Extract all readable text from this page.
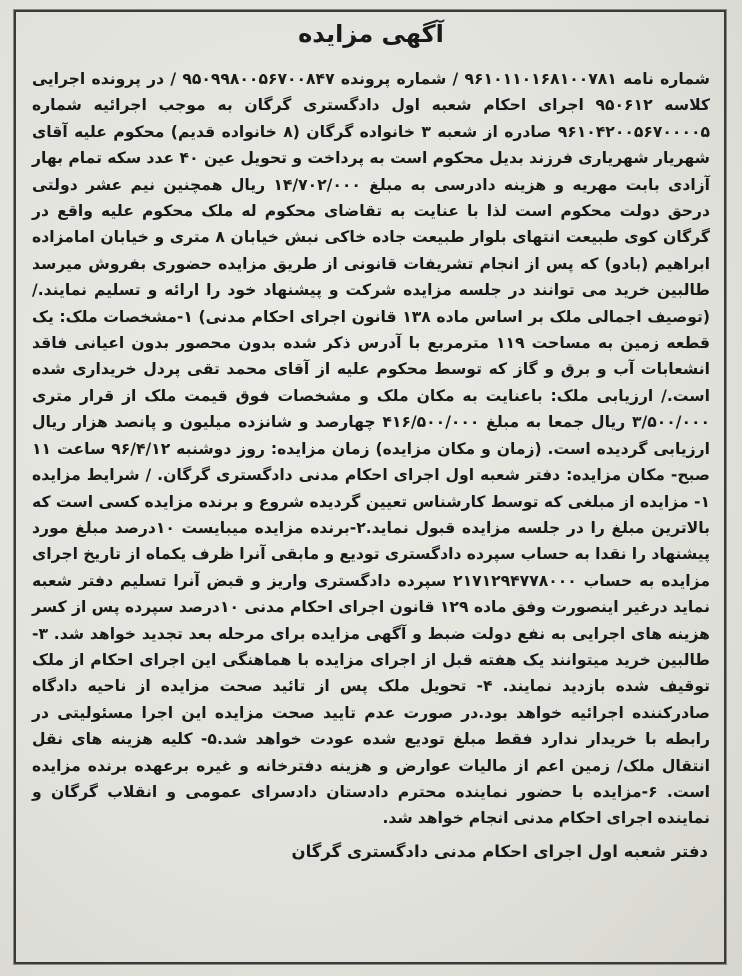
آگهی مزایده
شماره نامه ۹۶۱۰۱۱۰۱۶۸۱۰۰۷۸۱ / شماره پرونده ۹۵۰۹۹۸۰۰۵۶۷۰۰۸۴۷ / در پرونده اجرایی کلاسه ۹۵۰۶۱۲ اجرای احکام شعبه اول دادگستری گرگان به موجب اجرائیه شماره ۹۶۱۰۴۲۰۰۵۶۷۰۰۰۰۵ صادره از شعبه ۳ خانواده گرگان (۸ خانواده قدیم) محکوم علیه آقای شهریار شهریاری فرزند بدیل محکوم است به پرداخت و تحویل عین ۴۰ عدد سکه تمام بهار آزادی بابت مهریه و هزینه دادرسی به مبلغ ۱۴/۷۰۲/۰۰۰ ریال همچنین نیم عشر دولتی درحق دولت محکوم است لذا با عنایت به تقاضای محکوم له ملک محکوم علیه واقع در گرگان کوی طبیعت انتهای بلوار طبیعت جاده خاکی نبش خیابان ۸ متری و خیابان امامزاده ابراهیم (بادو) که پس از انجام تشریفات قانونی از طریق مزایده حضوری بفروش میرسد طالبین خرید می توانند در جلسه مزایده شرکت و پیشنهاد خود را ارائه و تسلیم نمایند./ (توصیف اجمالی ملک بر اساس ماده ۱۳۸ قانون اجرای احکام مدنی) ۱-مشخصات ملک: یک قطعه زمین به مساحت ۱۱۹ مترمربع با آدرس ذکر شده بدون محصور بدون اعیانی فاقد انشعابات آب و برق و گاز که توسط محکوم علیه از آقای محمد تقی پردل خریداری شده است./ ارزیابی ملک: باعنایت به مکان ملک و مشخصات فوق قیمت ملک از قرار متری ۳/۵۰۰/۰۰۰ ریال جمعا به مبلغ ۴۱۶/۵۰۰/۰۰۰ چهارصد و شانزده میلیون و پانصد هزار ریال ارزیابی گردیده است. (زمان و مکان مزایده) زمان مزایده: روز دوشنبه ۹۶/۴/۱۲ ساعت ۱۱ صبح- مکان مزایده: دفتر شعبه اول اجرای احکام مدنی دادگستری گرگان. / شرایط مزایده ۱- مزایده از مبلغی که توسط کارشناس تعیین گردیده شروع و برنده مزایده کسی است که بالاترین مبلغ را در جلسه مزایده قبول نماید.۲-برنده مزایده میبایست ۱۰درصد مبلغ مورد پیشنهاد را نقدا به حساب سپرده دادگستری تودیع و مابقی آنرا ظرف یکماه از تاریخ اجرای مزایده به حساب ۲۱۷۱۲۹۴۷۷۸۰۰۰ سپرده دادگستری واریز و قبض آنرا تسلیم دفتر شعبه نماید درغیر اینصورت وفق ماده ۱۲۹ قانون اجرای احکام مدنی ۱۰درصد سپرده پس از کسر هزینه های اجرایی به نفع دولت ضبط و آگهی مزایده برای مرحله بعد تجدید خواهد شد. ۳-طالبین خرید میتوانند یک هفته قبل از اجرای مزایده با هماهنگی این اجرای احکام از ملک توقیف شده بازدید نمایند. ۴- تحویل ملک پس از تائید صحت مزایده از ناحیه دادگاه صادرکننده اجرائیه خواهد بود.در صورت عدم تایید صحت مزایده این اجرا مسئولیتی در رابطه با خریدار ندارد فقط مبلغ تودیع شده عودت خواهد شد.۵- کلیه هزینه های نقل انتقال ملک/ زمین اعم از مالیات عوارض و هزینه دفترخانه و غیره برعهده برنده مزایده است. ۶-مزایده با حضور نماینده محترم دادستان دادسرای عمومی و انقلاب گرگان و نماینده اجرای احکام مدنی انجام خواهد شد.
دفتر شعبه اول اجرای احکام مدنی دادگستری گرگان
